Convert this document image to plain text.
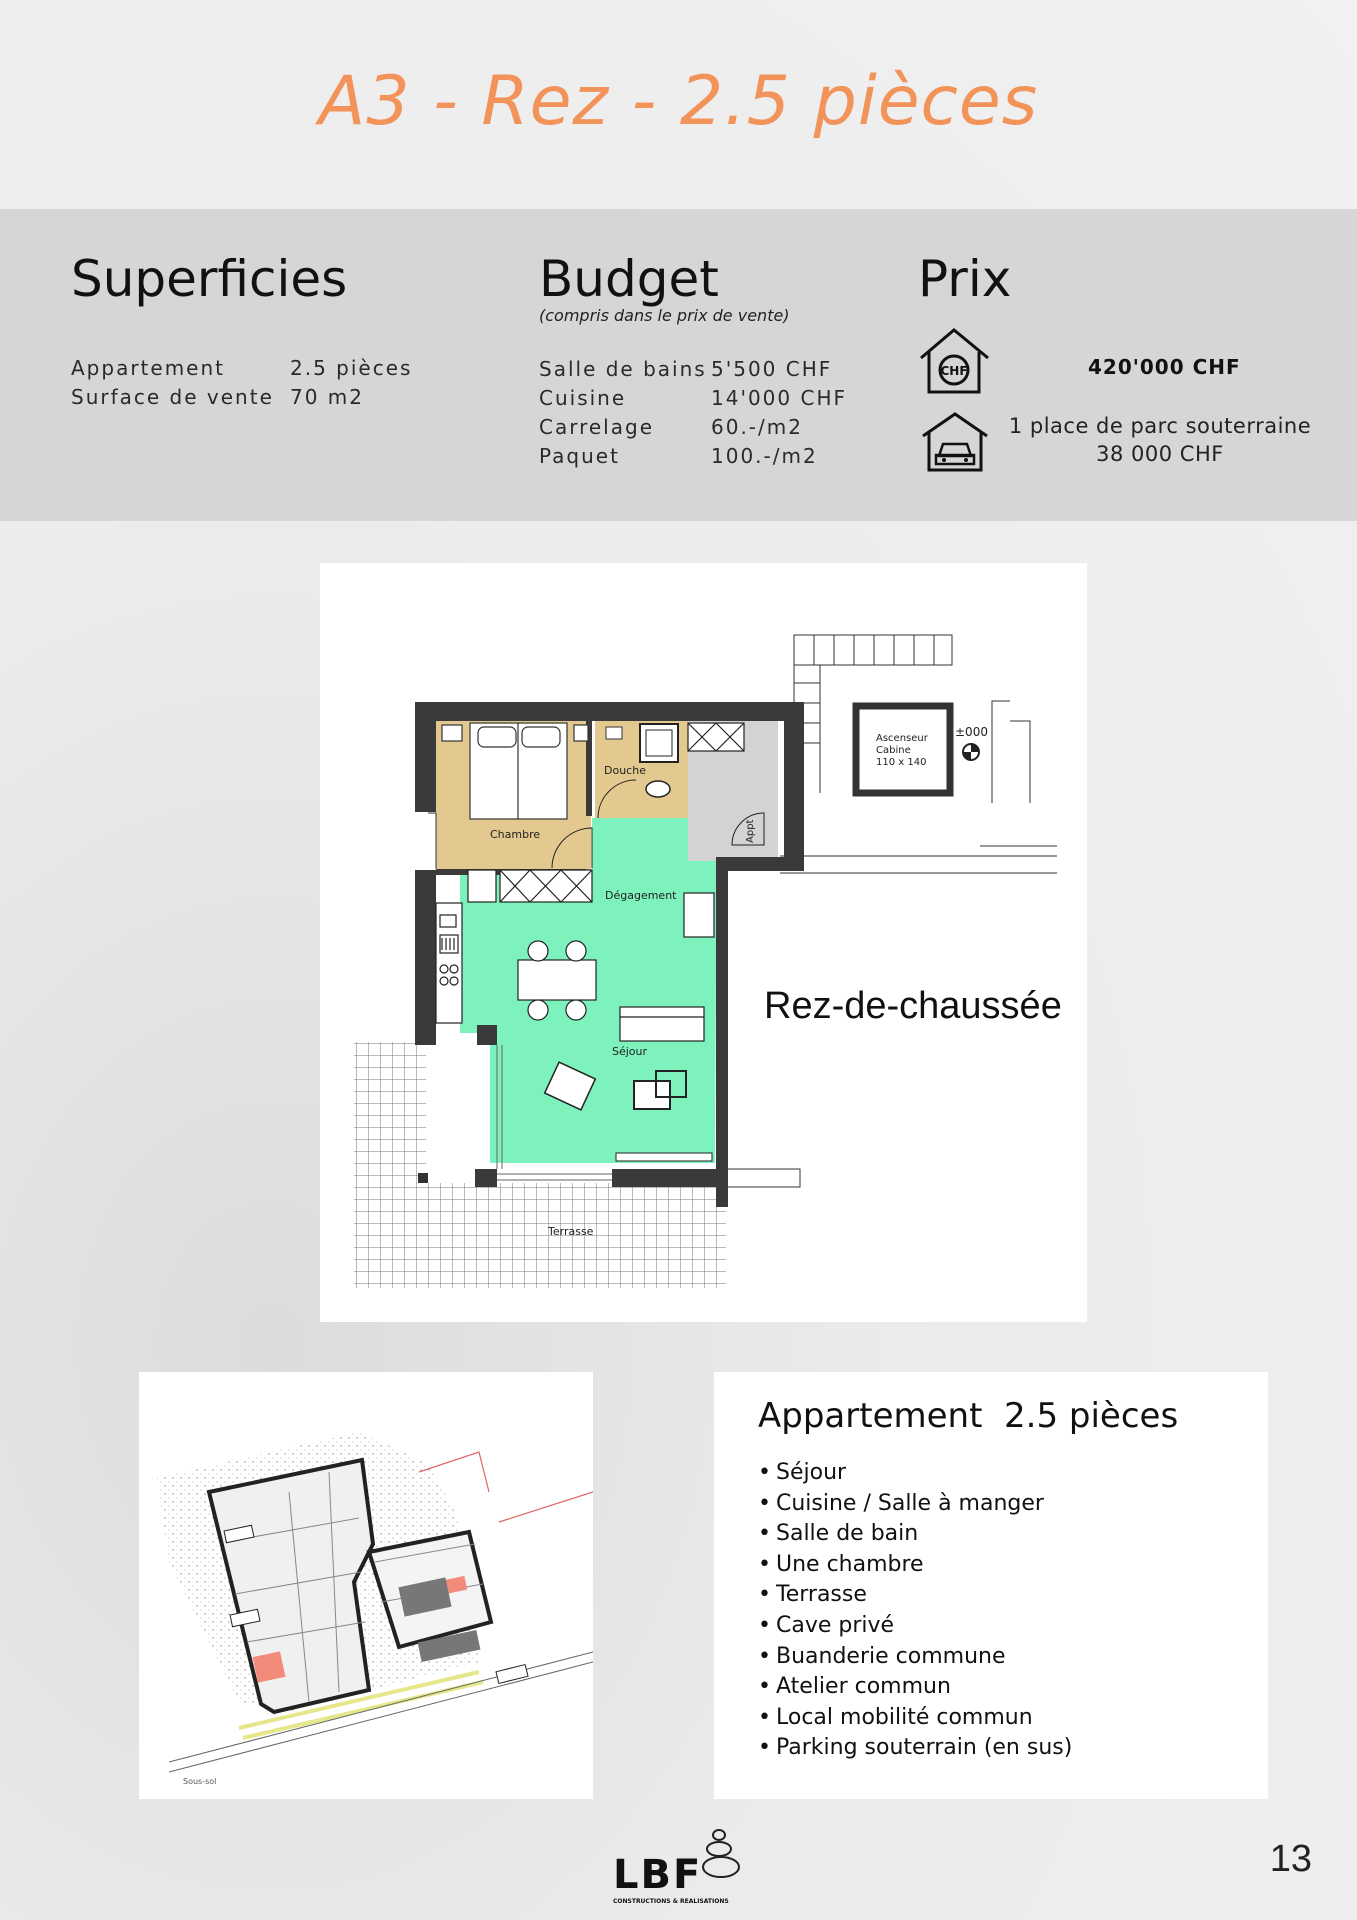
A3 - Rez - 2.5 pièces
Superficies
Appartement	2.5 pièces
Surface de vente 70 m2
Budget
(compris dans le prix de vente)
Salle de bains 5'500 CHF
Cuisine	14'000 CHF
Carrelage	60.-/m2
Paquet	100.-/m2
Prix
CHF	420'000 CHF
1 place de parc souterraine
38 000 CHF
Terrasse
Ascenseur
Cabine
110 x 140
±000
Chambre
Douche
Dégagement
Appt
Séjour
Rez-de-chaussée
Sous-sol
Appartement  2.5 pièces
• Séjour
• Cuisine / Salle à manger
• Salle de bain
• Une chambre
• Terrasse
• Cave privé
• Buanderie commune
• Atelier commun
• Local mobilité commun
• Parking souterrain (en sus)
LBF
CONSTRUCTIONS & REALISATIONS
13
